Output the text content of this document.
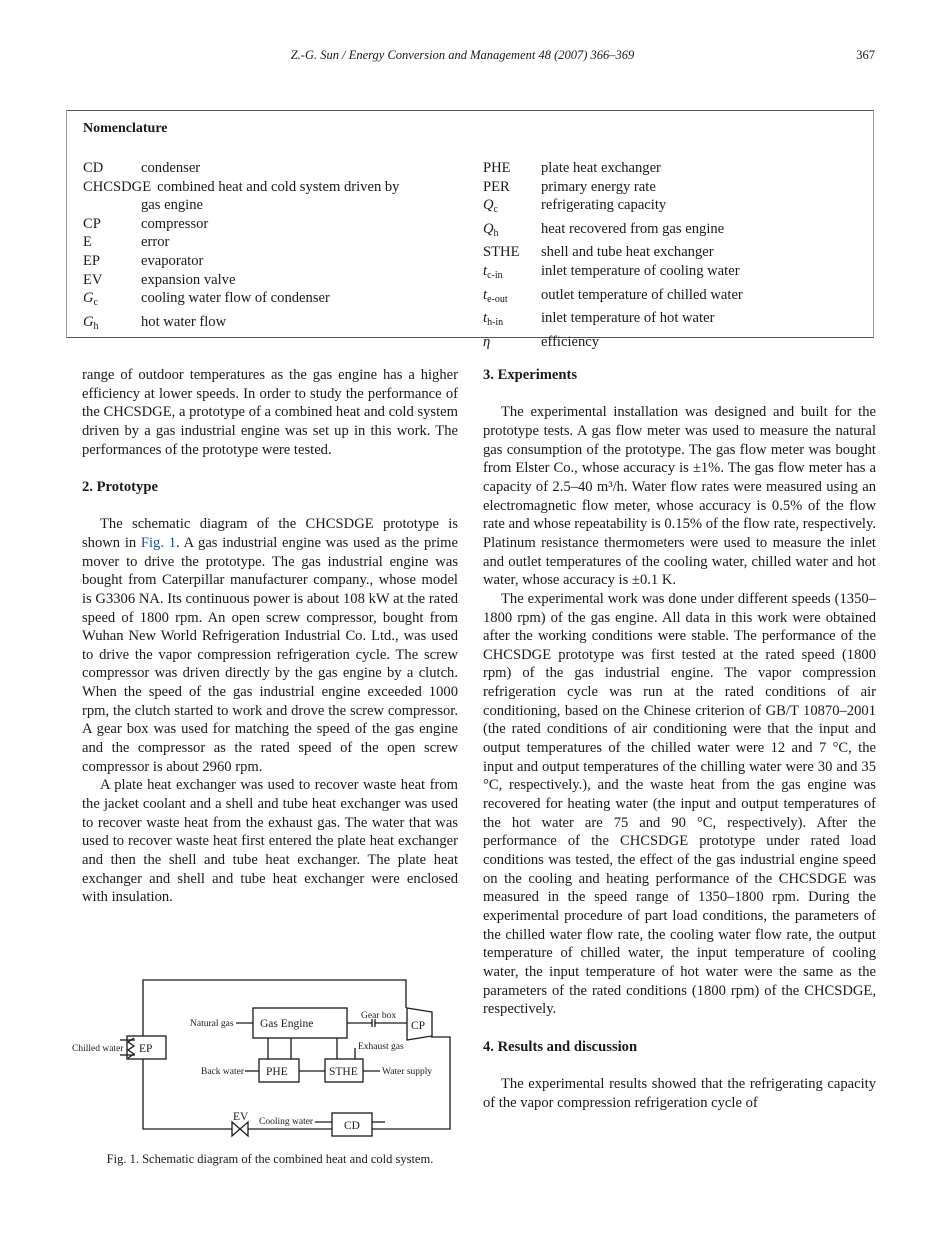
Z.-G. Sun / Energy Conversion and Management 48 (2007) 366–369	367
Nomenclature
CD	condenser
CHCSDGE combined heat and cold system driven by
gas engine
CP	compressor
E	error
EP	evaporator
EV	expansion valve
$G_c$	cooling water flow of condenser
$G_h$	hot water flow
PHE	plate heat exchanger
PER	primary energy rate
$Q_c$	refrigerating capacity
$Q_h$	heat recovered from gas engine
STHE	shell and tube heat exchanger
$t_{c-in}$	inlet temperature of cooling water
$t_{e-out}$	outlet temperature of chilled water
$t_{h-in}$	inlet temperature of hot water
η	efficiency

range of outdoor temperatures as the gas engine has a higher efficiency at lower speeds. In order to study the performance of the CHCSDGE, a prototype of a combined heat and cold system driven by a gas industrial engine was set up in this work. The performances of the prototype were tested.

2. Prototype

The schematic diagram of the CHCSDGE prototype is shown in Fig. 1. A gas industrial engine was used as the prime mover to drive the prototype. The gas industrial engine was bought from Caterpillar manufacturer company., whose model is G3306 NA. Its continuous power is about 108 kW at the rated speed of 1800 rpm. An open screw compressor, bought from Wuhan New World Refrigeration Industrial Co. Ltd., was used to drive the vapor compression refrigeration cycle. The screw compressor was driven directly by the gas engine by a clutch. When the speed of the gas industrial engine exceeded 1000 rpm, the clutch started to work and drove the screw compressor. A gear box was used for matching the speed of the gas engine and the compressor as the rated speed of the open screw compressor is about 2960 rpm.

A plate heat exchanger was used to recover waste heat from the jacket coolant and a shell and tube heat exchanger was used to recover waste heat from the exhaust gas. The water that was used to recover waste heat first entered the plate heat exchanger and then the shell and tube heat exchanger. The plate heat exchanger and shell and tube heat exchanger were enclosed with insulation.

Gas Engine
Natural gas
Gear box
CP
Chilled water EP	Exhaust gas
Back water PHE	STHE	Water supply
EV Cooling water	CD
Fig. 1. Schematic diagram of the combined heat and cold system.
3. Experiments

The experimental installation was designed and built for the prototype tests. A gas flow meter was used to measure the natural gas consumption of the prototype. The gas flow meter was bought from Elster Co., whose accuracy is ±1%. The gas flow meter has a capacity of 2.5–40 m³/h. Water flow rates were measured using an electromagnetic flow meter, whose accuracy is 0.5% of the flow rate and whose repeatability is 0.15% of the flow rate, respectively. Platinum resistance thermometers were used to measure the inlet and outlet temperatures of the cooling water, chilled water and hot water, whose accuracy is ±0.1 K.

The experimental work was done under different speeds (1350–1800 rpm) of the gas engine. All data in this work were obtained after the working conditions were stable. The performance of the CHCSDGE prototype was first tested at the rated speed (1800 rpm) of the gas industrial engine. The vapor compression refrigeration cycle was run at the rated conditions of air conditioning, based on the Chinese criterion of GB/T 10870–2001 (the rated conditions of air conditioning were that the input and output temperatures of the chilled water were 12 and 7 °C, the input and output temperatures of the chilling water were 30 and 35 °C, respectively.), and the waste heat from the gas engine was recovered for heating water (the input and output temperatures of the hot water are 75 and 90 °C, respectively). After the performance of the CHCSDGE prototype under rated load conditions was tested, the effect of the gas industrial engine speed on the cooling and heating performance of the CHCSDGE was measured in the speed range of 1350–1800 rpm. During the experimental procedure of part load conditions, the parameters of the chilled water flow rate, the cooling water flow rate, the output temperature of chilled water, the input temperature of cooling water, the input temperature of hot water were the same as the parameters of the rated conditions (1800 rpm) of the CHCSDGE, respectively.

4. Results and discussion

The experimental results showed that the refrigerating capacity of the vapor compression refrigeration cycle of
